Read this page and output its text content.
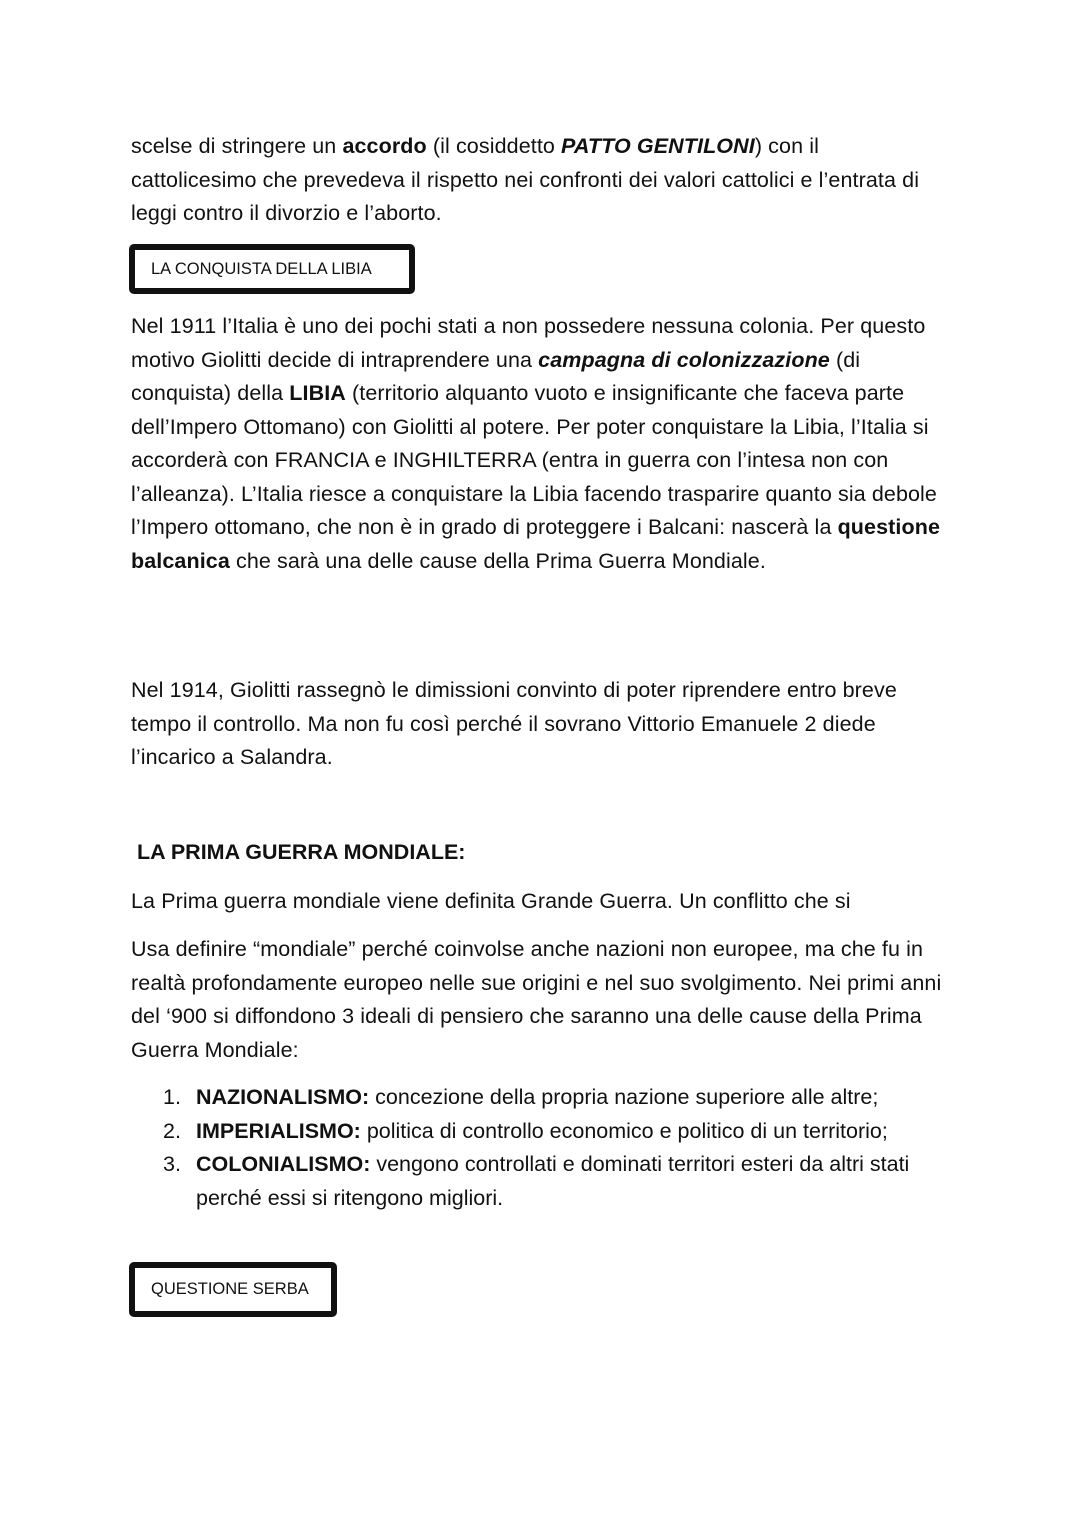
scelse di stringere un accordo (il cosiddetto PATTO GENTILONI) con il cattolicesimo che prevedeva il rispetto nei confronti dei valori cattolici e l’entrata di leggi contro il divorzio e l’aborto.

LA CONQUISTA DELLA LIBIA

Nel 1911 l’Italia è uno dei pochi stati a non possedere nessuna colonia. Per questo motivo Giolitti decide di intraprendere una campagna di colonizzazione (di conquista) della LIBIA (territorio alquanto vuoto e insignificante che faceva parte dell’Impero Ottomano) con Giolitti al potere. Per poter conquistare la Libia, l’Italia si accorderà con FRANCIA e INGHILTERRA (entra in guerra con l’intesa non con l’alleanza). L’Italia riesce a conquistare la Libia facendo trasparire quanto sia debole l’Impero ottomano, che non è in grado di proteggere i Balcani: nascerà la questione balcanica che sarà una delle cause della Prima Guerra Mondiale.

Nel 1914, Giolitti rassegnò le dimissioni convinto di poter riprendere entro breve tempo il controllo. Ma non fu così perché il sovrano Vittorio Emanuele 2 diede l’incarico a Salandra.

LA PRIMA GUERRA MONDIALE:

La Prima guerra mondiale viene definita Grande Guerra. Un conflitto che si

Usa definire “mondiale” perché coinvolse anche nazioni non europee, ma che fu in realtà profondamente europeo nelle sue origini e nel suo svolgimento. Nei primi anni del ‘900 si diffondono 3 ideali di pensiero che saranno una delle cause della Prima Guerra Mondiale:

1. NAZIONALISMO: concezione della propria nazione superiore alle altre;
2. IMPERIALISMO: politica di controllo economico e politico di un territorio;
3. COLONIALISMO: vengono controllati e dominati territori esteri da altri stati perché essi si ritengono migliori.
QUESTIONE SERBA
